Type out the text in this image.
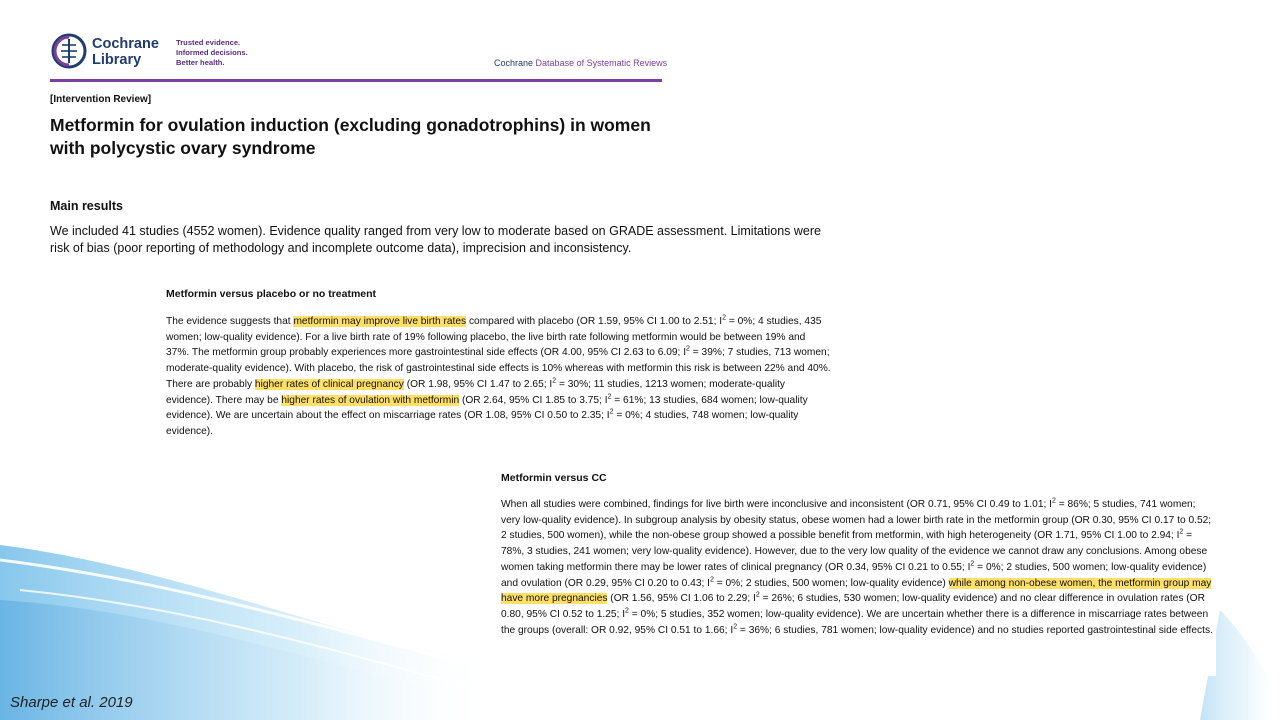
Cochrane
Library
Trusted evidence.
Informed decisions.
Better health.	Cochrane Database of Systematic Reviews
[Intervention Review]
Metformin for ovulation induction (excluding gonadotrophins) in women with polycystic ovary syndrome
Main results
We included 41 studies (4552 women). Evidence quality ranged from very low to moderate based on GRADE assessment. Limitations were risk of bias (poor reporting of methodology and incomplete outcome data), imprecision and inconsistency.
Metformin versus placebo or no treatment
The evidence suggests that metformin may improve live birth rates compared with placebo (OR 1.59, 95% CI 1.00 to 2.51; $I^2 = 0\%$; 4 studies, 435 women; low-quality evidence). For a live birth rate of 19% following placebo, the live birth rate following metformin would be between 19% and 37%. The metformin group probably experiences more gastrointestinal side effects (OR 4.00, 95% CI 2.63 to 6.09; $I^2 = 39\%$; 7 studies, 713 women; moderate-quality evidence). With placebo, the risk of gastrointestinal side effects is 10% whereas with metformin this risk is between 22% and 40%. There are probably higher rates of clinical pregnancy (OR 1.98, 95% CI 1.47 to 2.65; $I^2 = 30\%$; 11 studies, 1213 women; moderate-quality evidence). There may be higher rates of ovulation with metformin (OR 2.64, 95% CI 1.85 to 3.75; $I^2 = 61\%$; 13 studies, 684 women; low-quality evidence). We are uncertain about the effect on miscarriage rates (OR 1.08, 95% CI 0.50 to 2.35; $I^2 = 0\%$; 4 studies, 748 women; low-quality evidence).
Metformin versus CC
When all studies were combined, findings for live birth were inconclusive and inconsistent (OR 0.71, 95% CI 0.49 to 1.01; $I^2 = 86\%$; 5 studies, 741 women; very low-quality evidence). In subgroup analysis by obesity status, obese women had a lower birth rate in the metformin group (OR 0.30, 95% CI 0.17 to 0.52; 2 studies, 500 women), while the non-obese group showed a possible benefit from metformin, with high heterogeneity (OR 1.71, 95% CI 1.00 to 2.94; $I^2 = 78\%$, 3 studies, 241 women; very low-quality evidence). However, due to the very low quality of the evidence we cannot draw any conclusions. Among obese women taking metformin there may be lower rates of clinical pregnancy (OR 0.34, 95% CI 0.21 to 0.55; $I^2 = 0\%$; 2 studies, 500 women; low-quality evidence) and ovulation (OR 0.29, 95% CI 0.20 to 0.43; $I^2 = 0\%$; 2 studies, 500 women; low-quality evidence) while among non-obese women, the metformin group may have more pregnancies (OR 1.56, 95% CI 1.06 to 2.29; $I^2 = 26\%$; 6 studies, 530 women; low-quality evidence) and no clear difference in ovulation rates (OR 0.80, 95% CI 0.52 to 1.25; $I^2 = 0\%$; 5 studies, 352 women; low-quality evidence). We are uncertain whether there is a difference in miscarriage rates between the groups (overall: OR 0.92, 95% CI 0.51 to 1.66; $I^2 = 36\%$; 6 studies, 781 women; low-quality evidence) and no studies reported gastrointestinal side effects.
Sharpe et al. 2019
